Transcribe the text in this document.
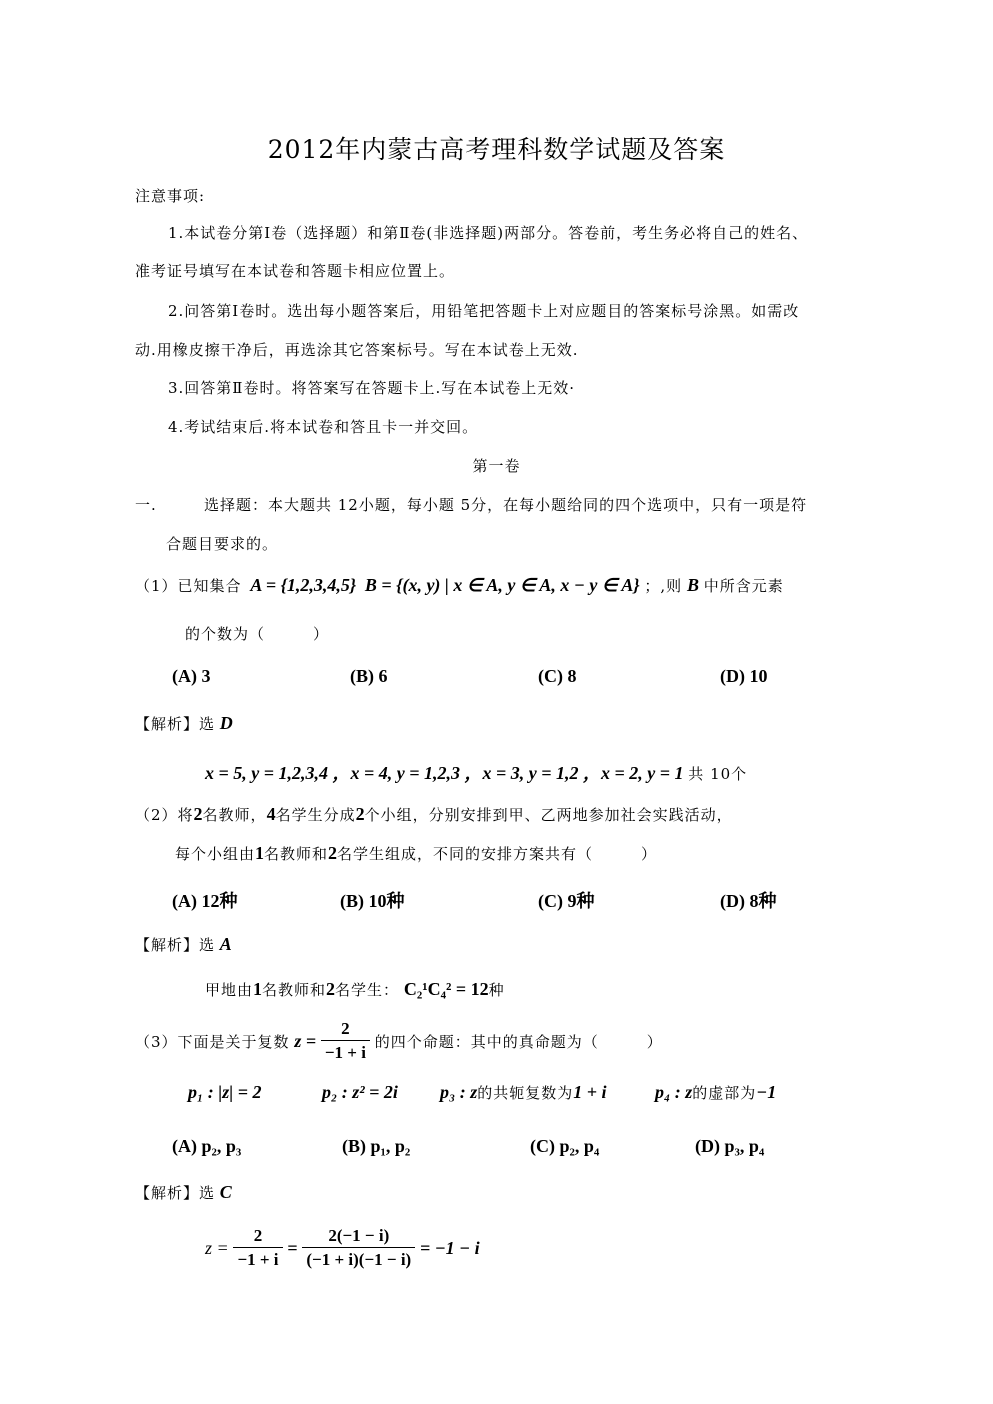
2012年内蒙古高考理科数学试题及答案
注意事项:
1.本试卷分第Ⅰ卷（选择题）和第Ⅱ卷(非选择题)两部分。答卷前，考生务必将自己的姓名、
准考证号填写在本试卷和答题卡相应位置上。
2.问答第Ⅰ卷时。选出每小题答案后，用铅笔把答题卡上对应题目的答案标号涂黑。如需改
动.用橡皮擦干净后，再选涂其它答案标号。写在本试卷上无效.
3.回答第Ⅱ卷时。将答案写在答题卡上.写在本试卷上无效·
4.考试结束后.将本试卷和答且卡一并交回。
第一卷
一.	选择题：本大题共 12小题，每小题 5分，在每小题给同的四个选项中，只有一项是符
合题目要求的。
（1）已知集合 A = {1,2,3,4,5} B = {(x, y) | x ∈ A, y ∈ A, x − y ∈ A} ；,则 B 中所含元素
的个数为（　　　）
(A) 3	(B) 6	(C) 8	(D) 10
【解析】选 D
x = 5, y = 1,2,3,4 ，x = 4, y = 1,2,3 ，x = 3, y = 1,2 ，x = 2, y = 1 共 10个
（2）将2名教师，4名学生分成2个小组，分别安排到甲、乙两地参加社会实践活动，
每个小组由1名教师和2名学生组成，不同的安排方案共有（　　　）
(A) 12种	(B) 10种	(C) 9种	(D) 8种
【解析】选 A
甲地由1名教师和2名学生： C₂¹C₄² = 12种
（3）下面是关于复数 $z = \frac{2}{-1 + i}$ 的四个命题：其中的真命题为（　　　）
p₁ : |z| = 2	p₂ : z² = 2i p₃ : z的共轭复数为1 + i	p₄ : z的虚部为−1
(A) p₂, p₃	(B) p₁, p₂	(C) p₂, p₄	(D) p₃, p₄
【解析】选 C
$z = \frac{2}{-1 + i} = \frac{2(-1 - i)}{(-1 + i)(-1 - i)} = -1 - i$
